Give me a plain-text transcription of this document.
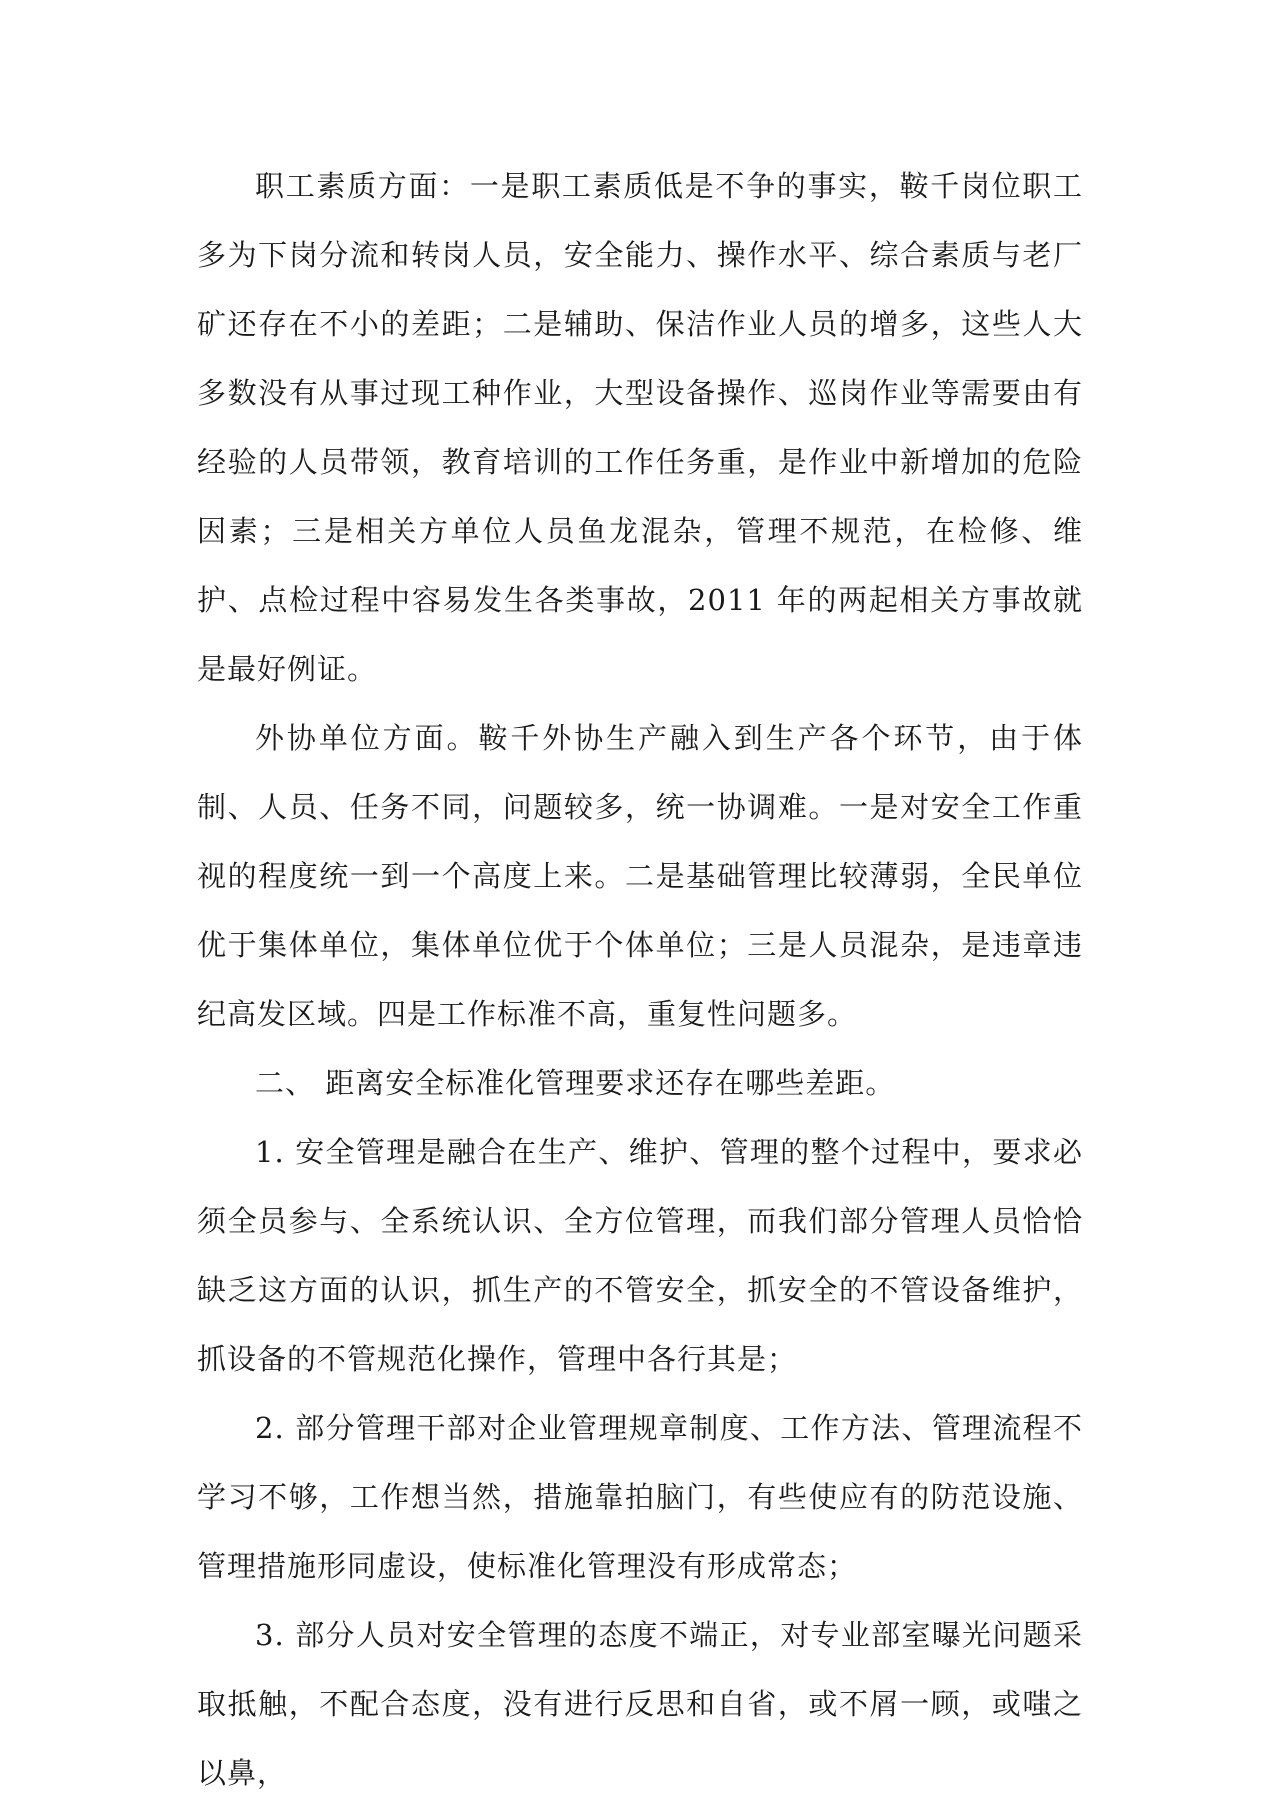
职工素质方面：一是职工素质低是不争的事实，鞍千岗位职工多为下岗分流和转岗人员，安全能力、操作水平、综合素质与老厂矿还存在不小的差距；二是辅助、保洁作业人员的增多，这些人大多数没有从事过现工种作业，大型设备操作、巡岗作业等需要由有经验的人员带领，教育培训的工作任务重，是作业中新增加的危险因素；三是相关方单位人员鱼龙混杂，管理不规范，在检修、维护、点检过程中容易发生各类事故，2011 年的两起相关方事故就是最好例证。

外协单位方面。鞍千外协生产融入到生产各个环节，由于体制、人员、任务不同，问题较多，统一协调难。一是对安全工作重视的程度统一到一个高度上来。二是基础管理比较薄弱，全民单位优于集体单位，集体单位优于个体单位；三是人员混杂，是违章违纪高发区域。四是工作标准不高，重复性问题多。

二、 距离安全标准化管理要求还存在哪些差距。

1. 安全管理是融合在生产、维护、管理的整个过程中，要求必须全员参与、全系统认识、全方位管理，而我们部分管理人员恰恰缺乏这方面的认识，抓生产的不管安全，抓安全的不管设备维护，抓设备的不管规范化操作，管理中各行其是；

2. 部分管理干部对企业管理规章制度、工作方法、管理流程不学习不够，工作想当然，措施靠拍脑门，有些使应有的防范设施、管理措施形同虚设，使标准化管理没有形成常态；

3. 部分人员对安全管理的态度不端正，对专业部室曝光问题采取抵触，不配合态度，没有进行反思和自省，或不屑一顾，或嗤之以鼻，
